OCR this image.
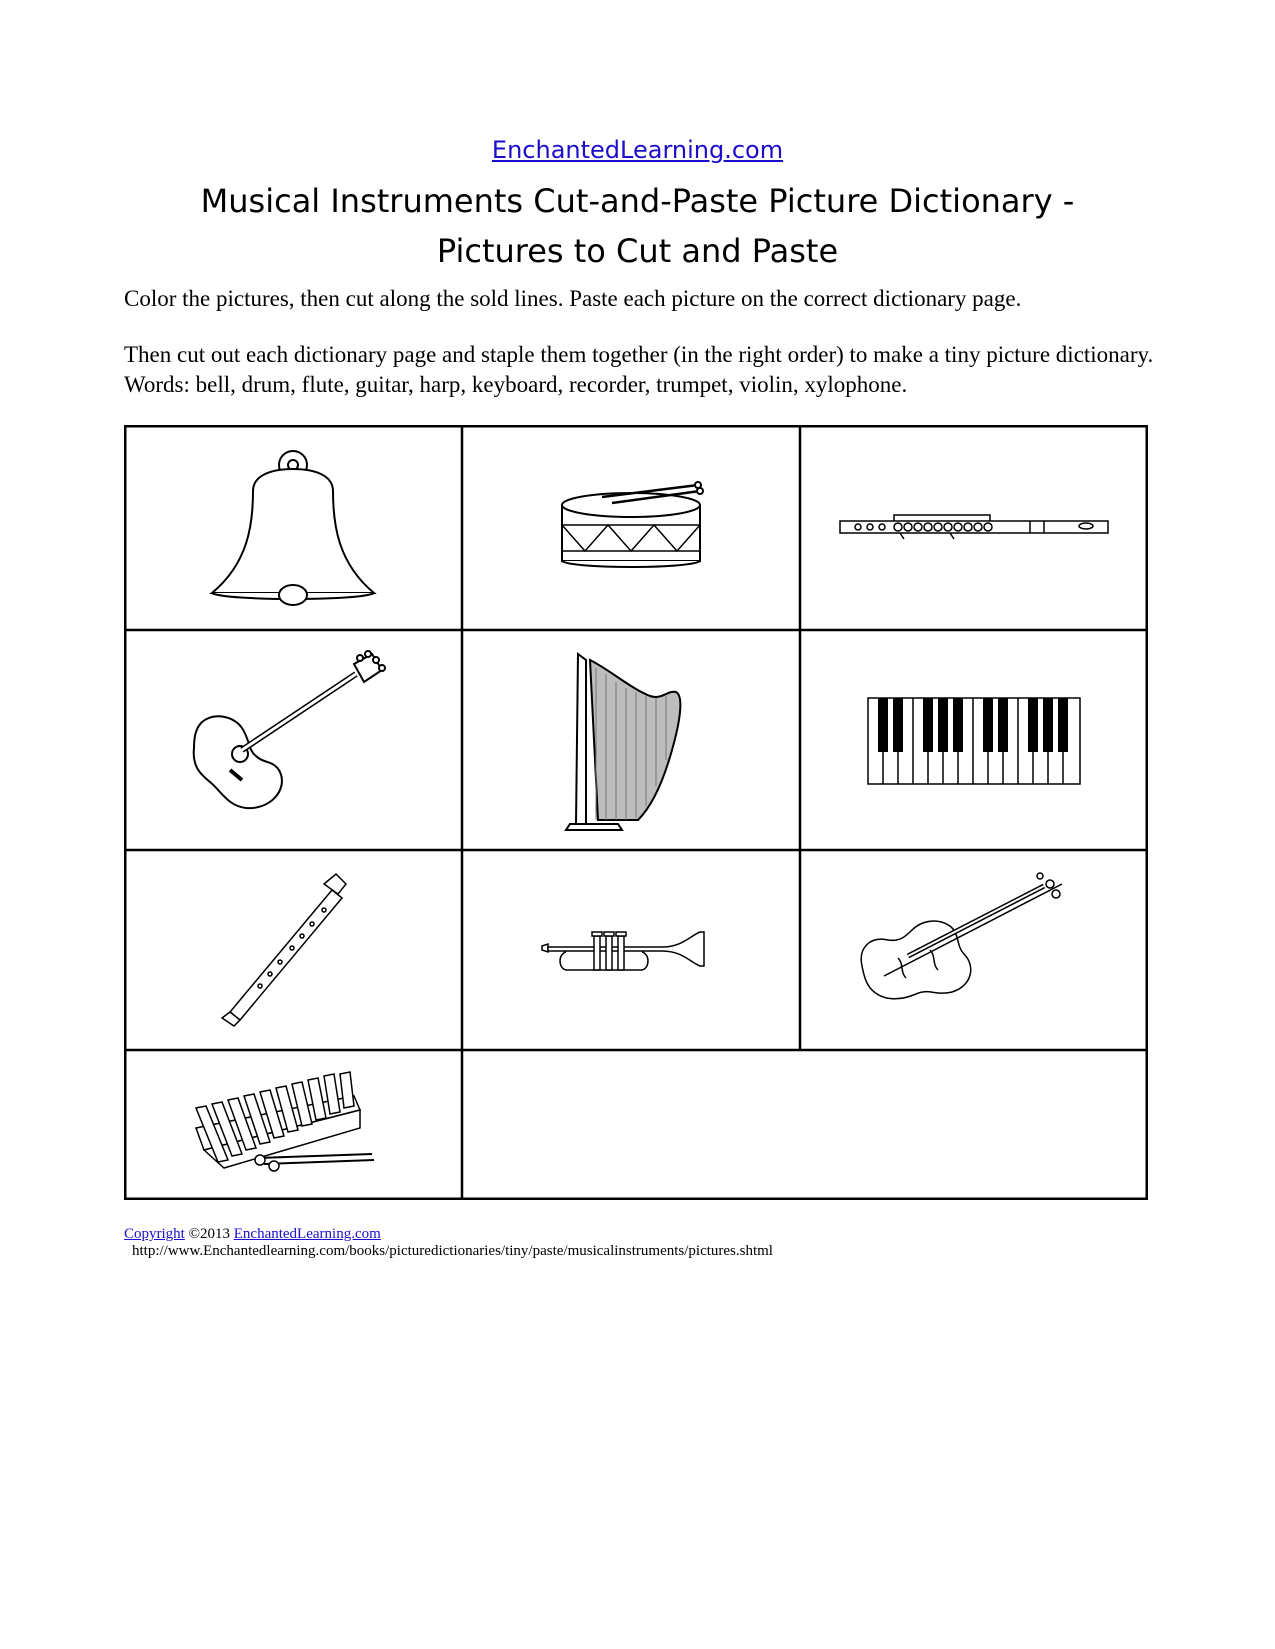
EnchantedLearning.com
Musical Instruments Cut-and-Paste Picture Dictionary -
Pictures to Cut and Paste

Color the pictures, then cut along the sold lines. Paste each picture on the correct dictionary page.

Then cut out each dictionary page and staple them together (in the right order) to make a tiny picture dictionary. Words: bell, drum, flute, guitar, harp, keyboard, recorder, trumpet, violin, xylophone.

Copyright ©2013 EnchantedLearning.com
http://www.Enchantedlearning.com/books/picturedictionaries/tiny/paste/musicalinstruments/pictures.shtml
